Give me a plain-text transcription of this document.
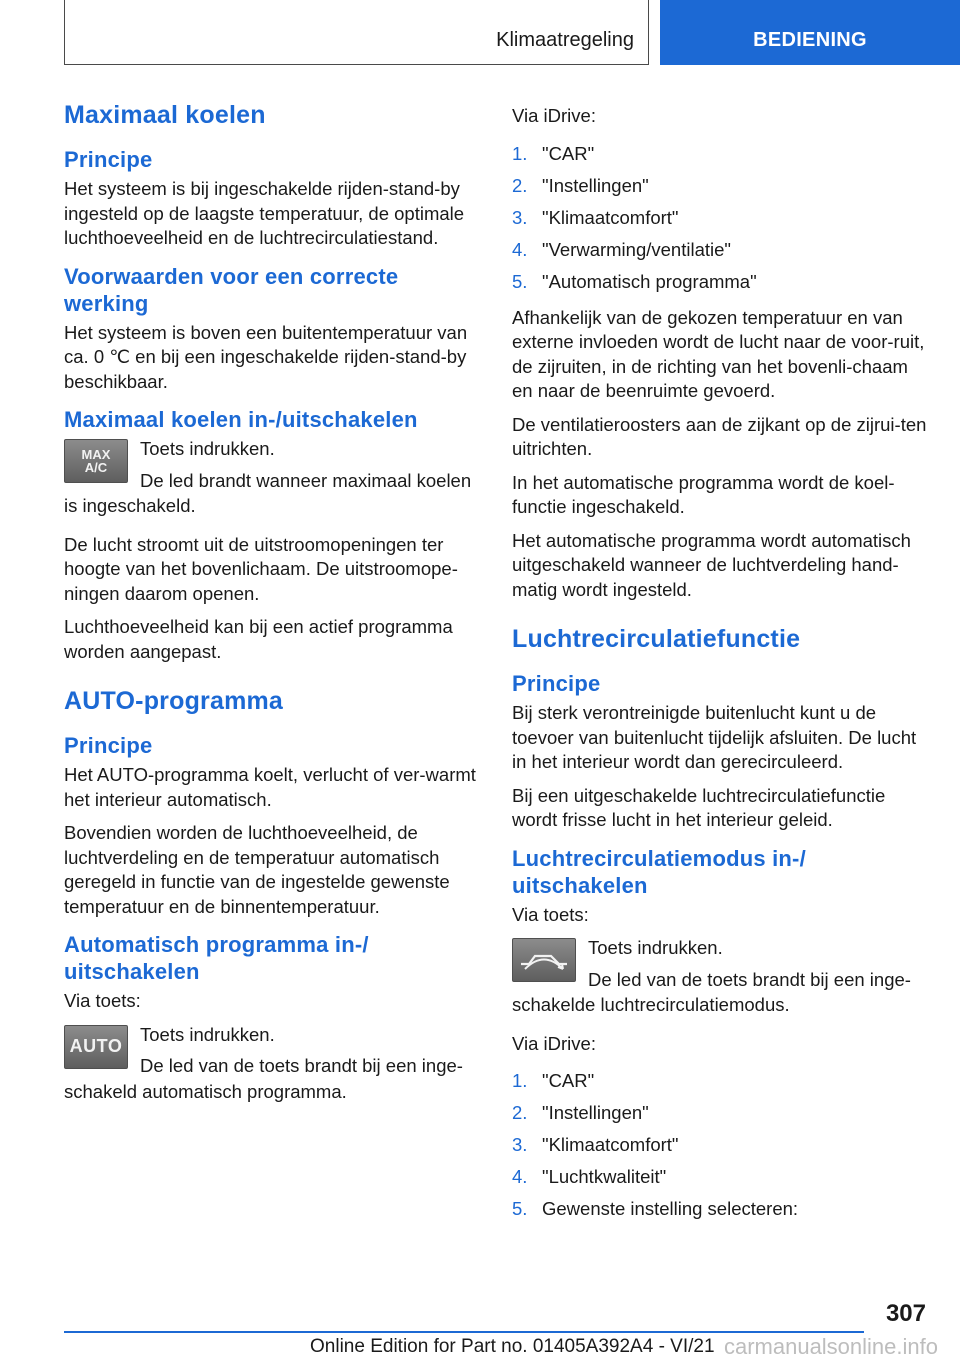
Klimaatregeling	BEDIENING
Maximaal koelen
Principe

Het systeem is bij ingeschakelde rijden-stand-by ingesteld op de laagste temperatuur, de optimale luchthoeveelheid en de luchtrecirculatiestand.

Voorwaarden voor een correcte werking

Het systeem is boven een buitentemperatuur van ca. 0 ℃ en bij een ingeschakelde rijden-stand-by beschikbaar.

Maximaal koelen in-/uitschakelen
MAX
A/C

Toets indrukken.

De led brandt wanneer maximaal koelen

is ingeschakeld.

De lucht stroomt uit de uitstroomopeningen ter hoogte van het bovenlichaam. De uitstroomope-ningen daarom openen.

Luchthoeveelheid kan bij een actief programma worden aangepast.

AUTO-programma
Principe

Het AUTO-programma koelt, verlucht of ver-warmt het interieur automatisch.

Bovendien worden de luchthoeveelheid, de luchtverdeling en de temperatuur automatisch geregeld in functie van de ingestelde gewenste temperatuur en de binnentemperatuur.

Automatisch programma in-/ uitschakelen

Via toets:

AUTO

Toets indrukken.

De led van de toets brandt bij een inge-

schakeld automatisch programma.

Via iDrive:

1. "CAR"
2. "Instellingen"
3. "Klimaatcomfort"
4. "Verwarming/ventilatie"
5. "Automatisch programma"

Afhankelijk van de gekozen temperatuur en van externe invloeden wordt de lucht naar de voor-ruit, de zijruiten, in de richting van het bovenli-chaam en naar de beenruimte gevoerd.

De ventilatieroosters aan de zijkant op de zijrui-ten uitrichten.

In het automatische programma wordt de koel-functie ingeschakeld.

Het automatische programma wordt automatisch uitgeschakeld wanneer de luchtverdeling hand-matig wordt ingesteld.

Luchtrecirculatiefunctie
Principe

Bij sterk verontreinigde buitenlucht kunt u de toevoer van buitenlucht tijdelijk afsluiten. De lucht in het interieur wordt dan gerecirculeerd.

Bij een uitgeschakelde luchtrecirculatiefunctie wordt frisse lucht in het interieur geleid.

Luchtrecirculatiemodus in-/ uitschakelen

Via toets:

Toets indrukken.

De led van de toets brandt bij een inge-

schakelde luchtrecirculatiemodus.

Via iDrive:

1. "CAR"
2. "Instellingen"
3. "Klimaatcomfort"
4. "Luchtkwaliteit"
5. Gewenste instelling selecteren:
307
Online Edition for Part no. 01405A392A4 - VI/21 carmanualsonline.info
